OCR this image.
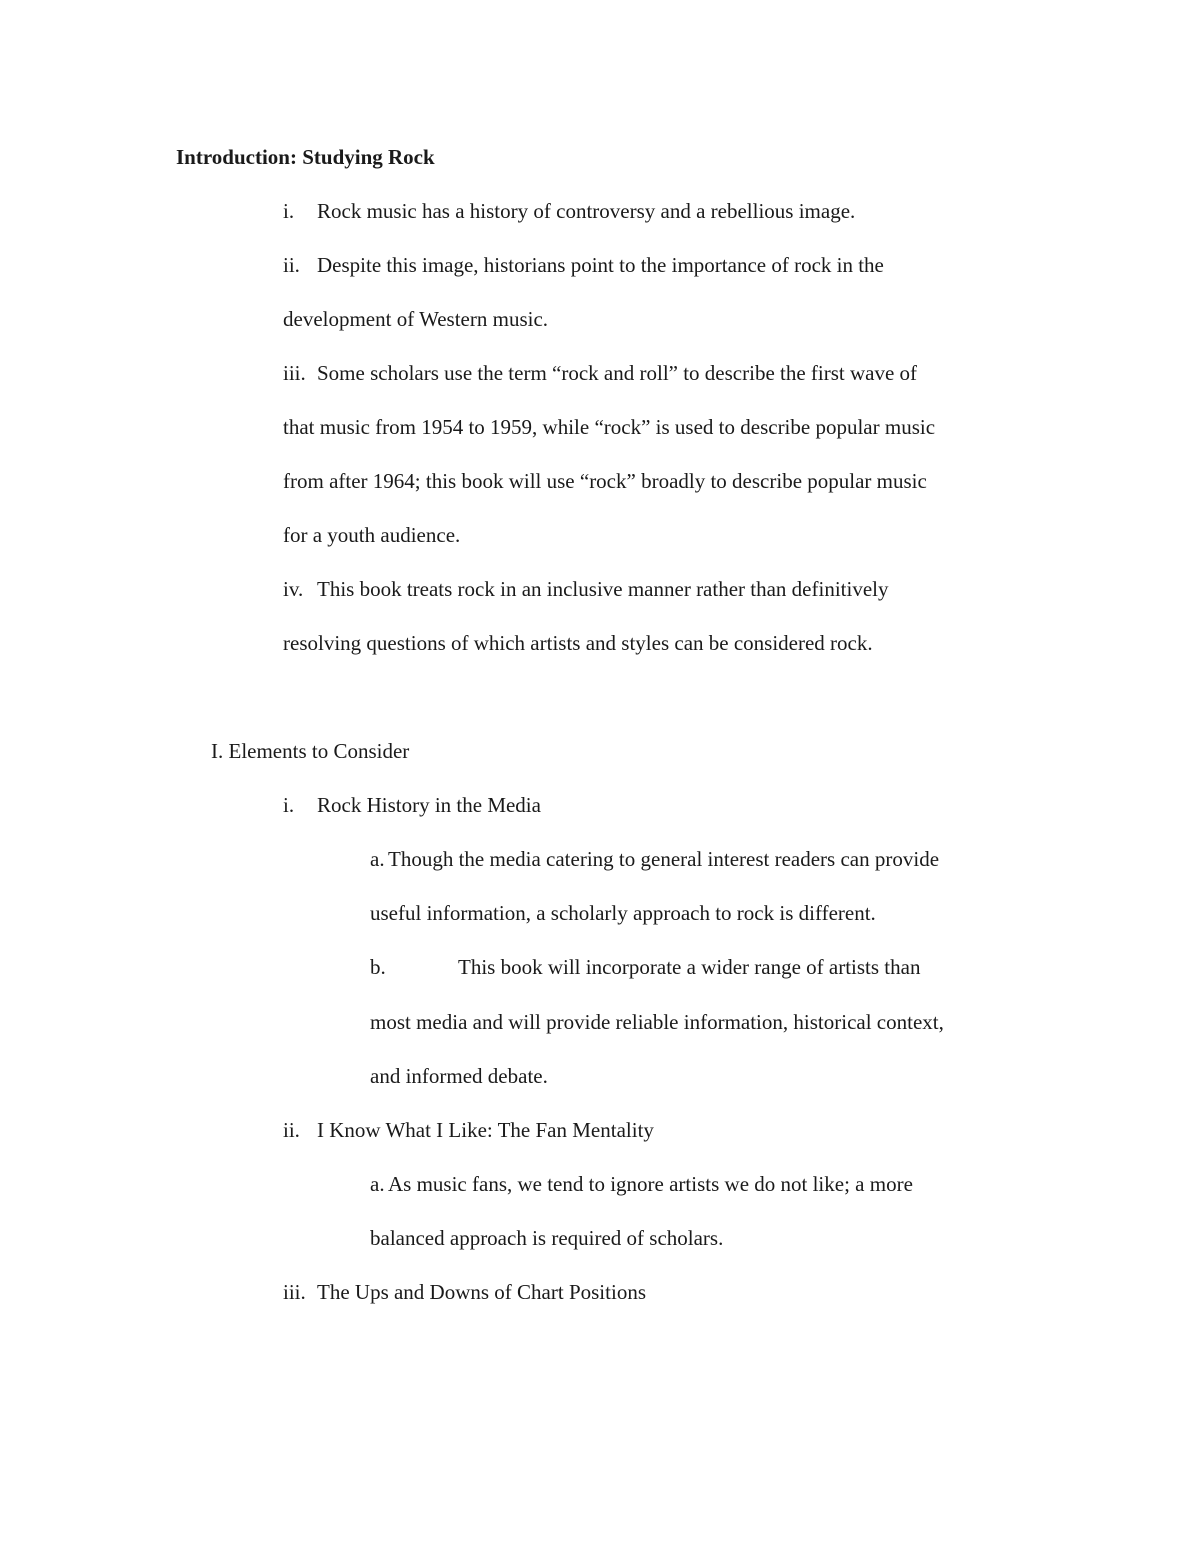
Introduction: Studying Rock
i. Rock music has a history of controversy and a rebellious image.
ii. Despite this image, historians point to the importance of rock in the
development of Western music.
iii. Some scholars use the term “rock and roll” to describe the first wave of
that music from 1954 to 1959, while “rock” is used to describe popular music
from after 1964; this book will use “rock” broadly to describe popular music
for a youth audience.
iv. This book treats rock in an inclusive manner rather than definitively
resolving questions of which artists and styles can be considered rock.
I. Elements to Consider
i. Rock History in the Media
a. Though the media catering to general interest readers can provide
useful information, a scholarly approach to rock is different.
b.	This book will incorporate a wider range of artists than
most media and will provide reliable information, historical context,
and informed debate.
ii. I Know What I Like: The Fan Mentality
a. As music fans, we tend to ignore artists we do not like; a more
balanced approach is required of scholars.
iii. The Ups and Downs of Chart Positions
